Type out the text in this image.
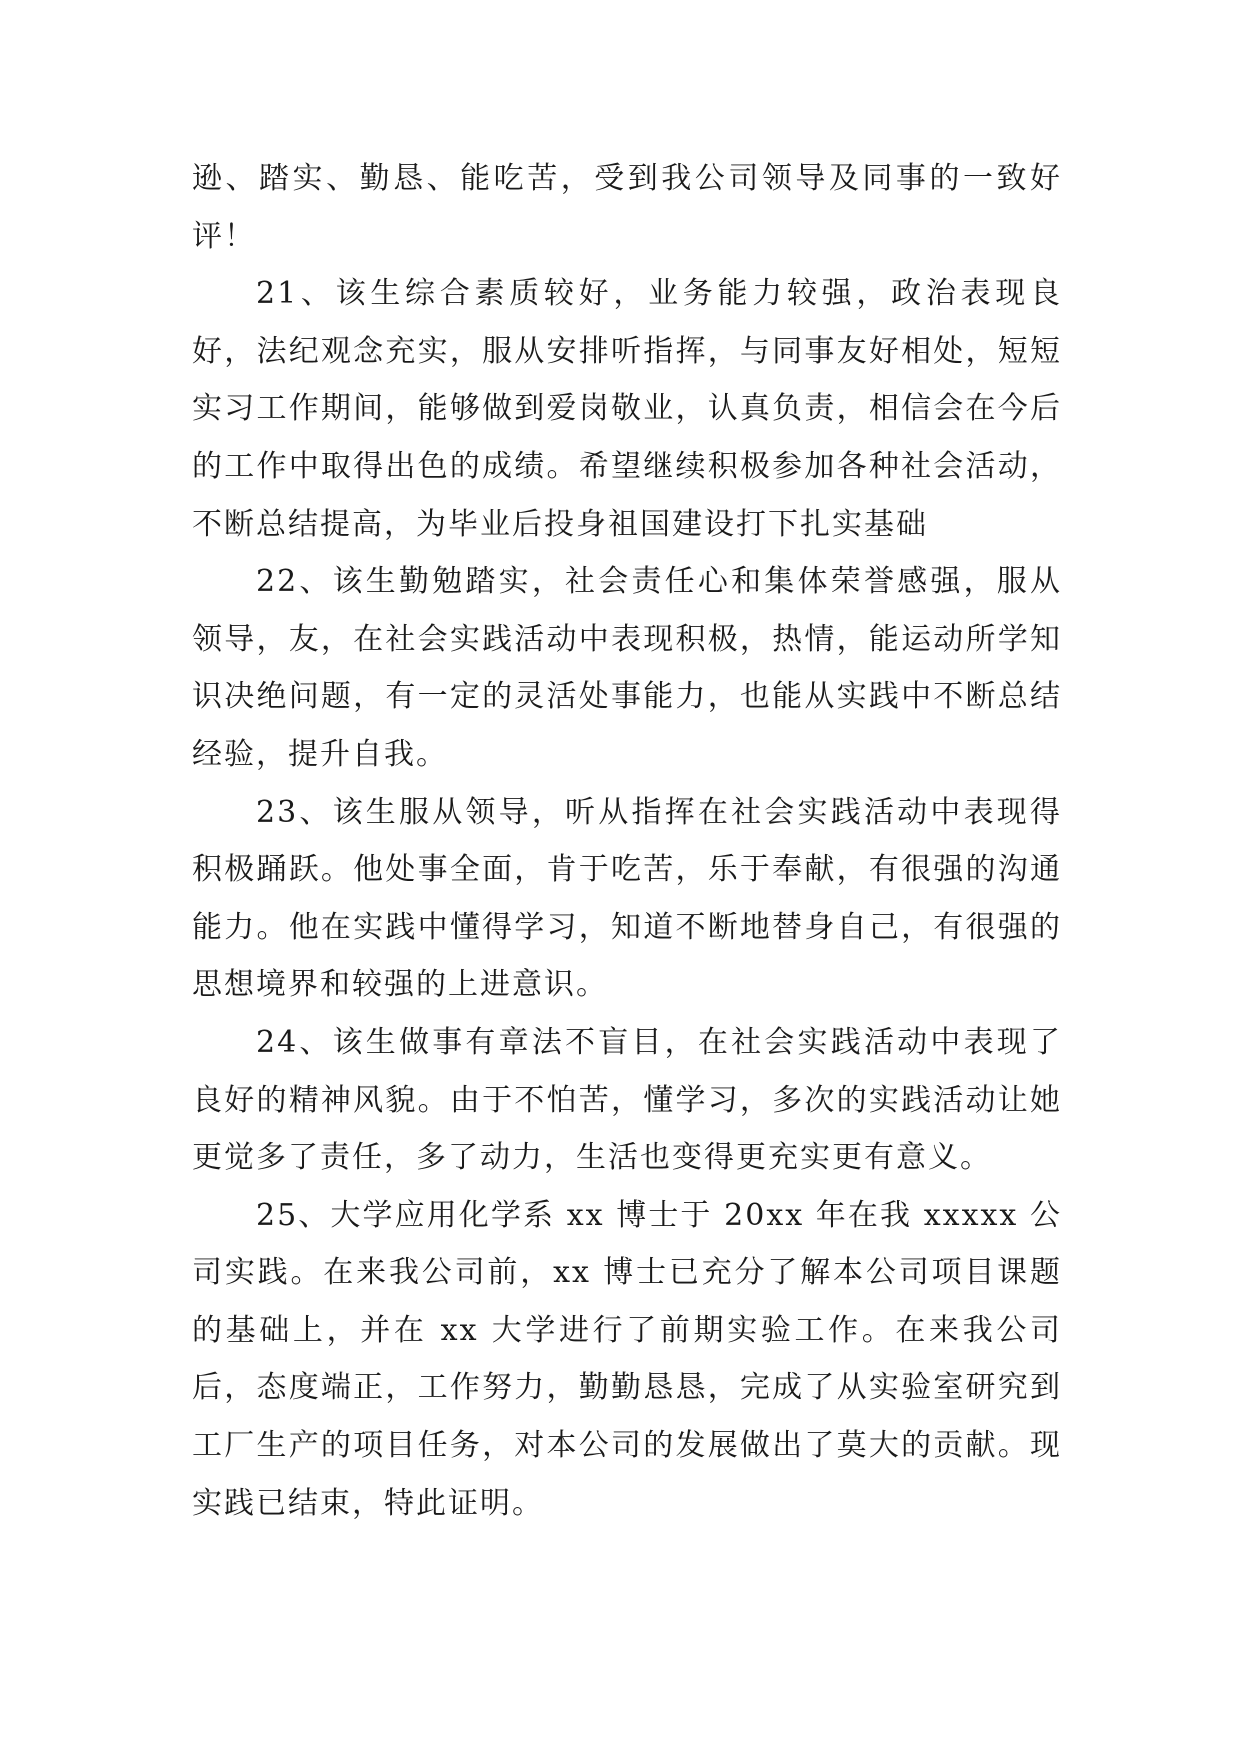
逊、踏实、勤恳、能吃苦，受到我公司领导及同事的一致好评！

21、该生综合素质较好，业务能力较强，政治表现良好，法纪观念充实，服从安排听指挥，与同事友好相处，短短实习工作期间，能够做到爱岗敬业，认真负责，相信会在今后的工作中取得出色的成绩。希望继续积极参加各种社会活动，不断总结提高，为毕业后投身祖国建设打下扎实基础

22、该生勤勉踏实，社会责任心和集体荣誉感强，服从领导，友，在社会实践活动中表现积极，热情，能运动所学知识决绝问题，有一定的灵活处事能力，也能从实践中不断总结经验，提升自我。

23、该生服从领导，听从指挥在社会实践活动中表现得积极踊跃。他处事全面，肯于吃苦，乐于奉献，有很强的沟通能力。他在实践中懂得学习，知道不断地替身自己，有很强的思想境界和较强的上进意识。

24、该生做事有章法不盲目，在社会实践活动中表现了良好的精神风貌。由于不怕苦，懂学习，多次的实践活动让她更觉多了责任，多了动力，生活也变得更充实更有意义。

25、大学应用化学系 xx 博士于 20xx 年在我 xxxxx 公司实践。在来我公司前，xx 博士已充分了解本公司项目课题的基础上，并在 xx 大学进行了前期实验工作。在来我公司后，态度端正，工作努力，勤勤恳恳，完成了从实验室研究到工厂生产的项目任务，对本公司的发展做出了莫大的贡献。现实践已结束，特此证明。
